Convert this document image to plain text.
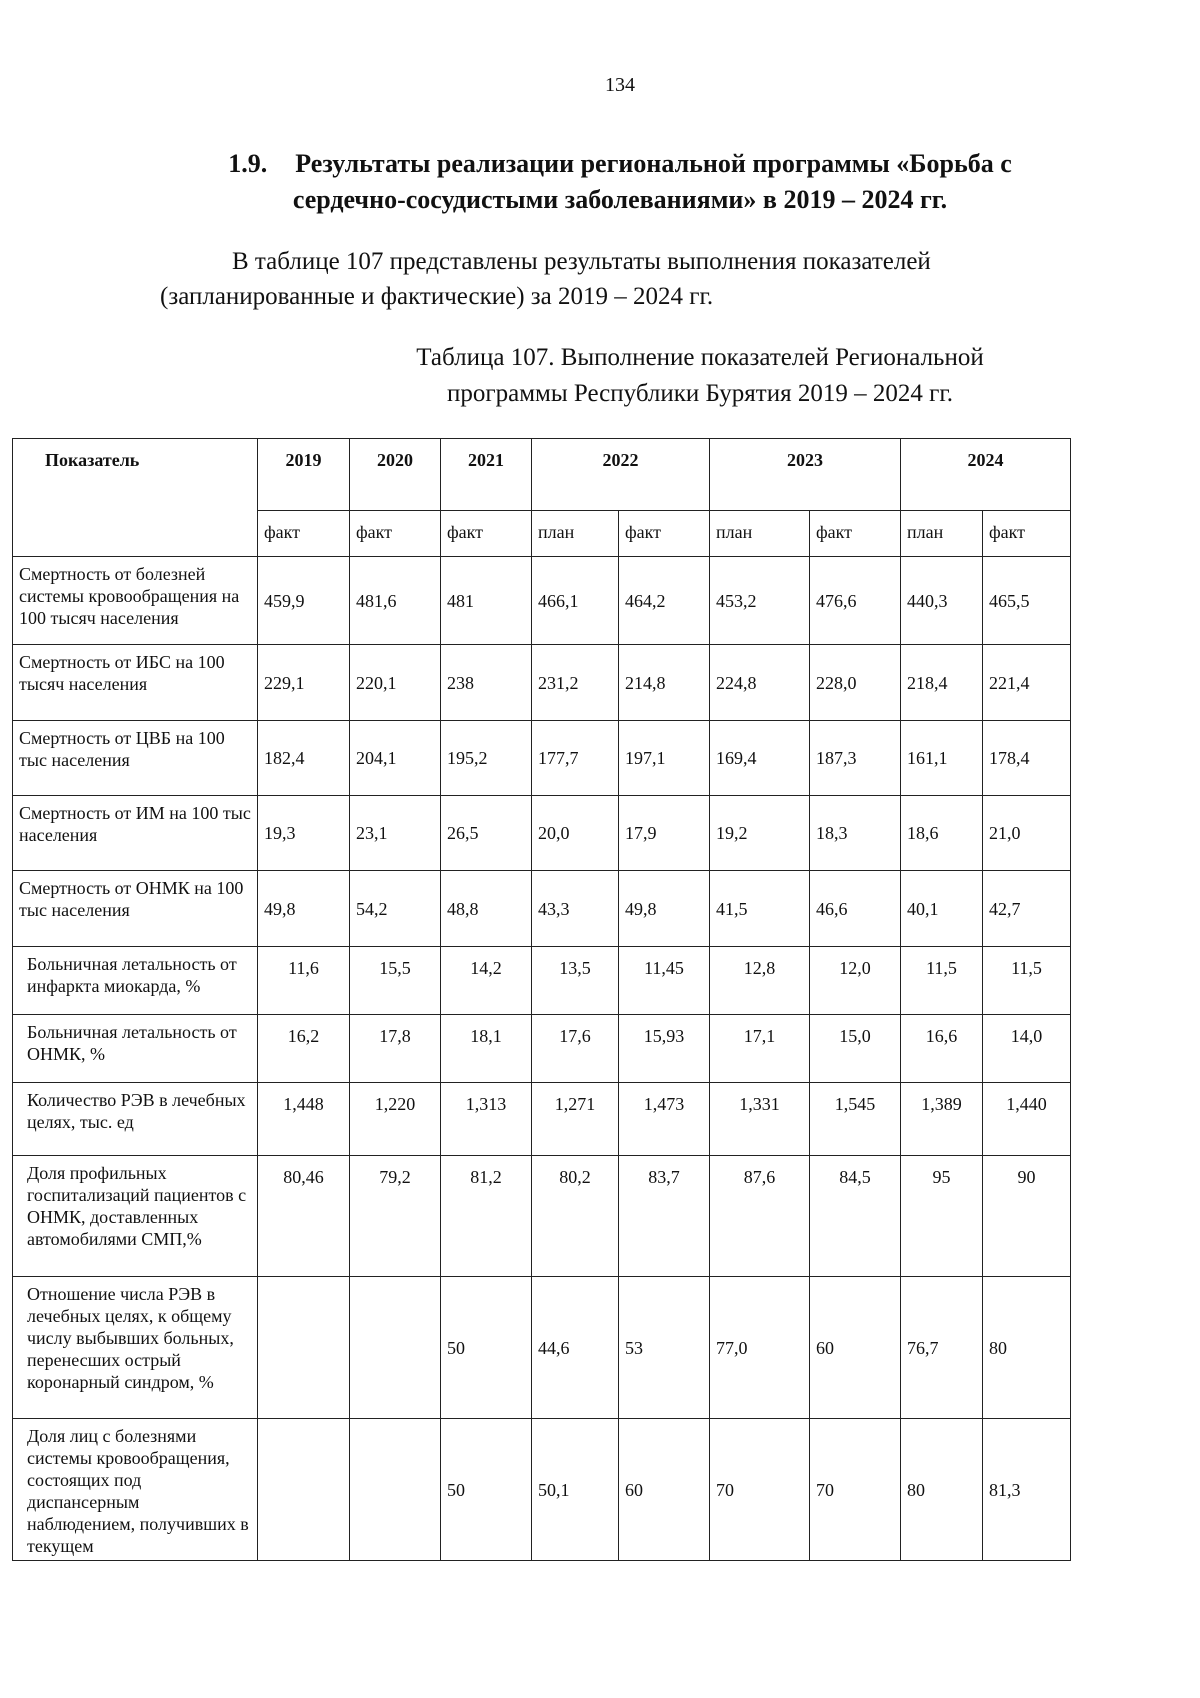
134
1.9. Результаты реализации региональной программы «Борьба с
сердечно-сосудистыми заболеваниями» в 2019 – 2024 гг.
В таблице 107 представлены результаты выполнения показателей
(запланированные и фактические) за 2019 – 2024 гг.
Таблица 107. Выполнение показателей Региональной
программы Республики Бурятия 2019 – 2024 гг.
Показатель	2019	2020	2021	2022		2023		2024	
	факт	факт	факт	план	факт	план	факт	план	факт
Смертность от болезней системы кровообращения на 100 тысяч населения	459,9	481,6	481	466,1	464,2	453,2	476,6	440,3	465,5
Смертность от ИБС на 100 тысяч населения	229,1	220,1	238	231,2	214,8	224,8	228,0	218,4	221,4
Смертность от ЦВБ на 100 тыс населения	182,4	204,1	195,2	177,7	197,1	169,4	187,3	161,1	178,4
Смертность от ИМ на 100 тыс населения	19,3	23,1	26,5	20,0	17,9	19,2	18,3	18,6	21,0
Смертность от ОНМК на 100 тыс населения	49,8	54,2	48,8	43,3	49,8	41,5	46,6	40,1	42,7
Больничная летальность от инфаркта миокарда, %	11,6	15,5	14,2	13,5	11,45	12,8	12,0	11,5	11,5
Больничная летальность от ОНМК, %	16,2	17,8	18,1	17,6	15,93	17,1	15,0	16,6	14,0
Количество РЭВ в лечебных целях, тыс. ед	1,448	1,220	1,313	1,271	1,473	1,331	1,545	1,389	1,440
Доля профильных госпитализаций пациентов с ОНМК, доставленных автомобилями СМП,%	80,46	79,2	81,2	80,2	83,7	87,6	84,5	95	90
Отношение числа РЭВ в лечебных целях, к общему числу выбывших больных, перенесших острый коронарный синдром, %			50	44,6	53	77,0	60	76,7	80
Доля лиц с болезнями системы кровообращения, состоящих под диспансерным наблюдением, получивших в текущем			50	50,1	60	70	70	80	81,3
